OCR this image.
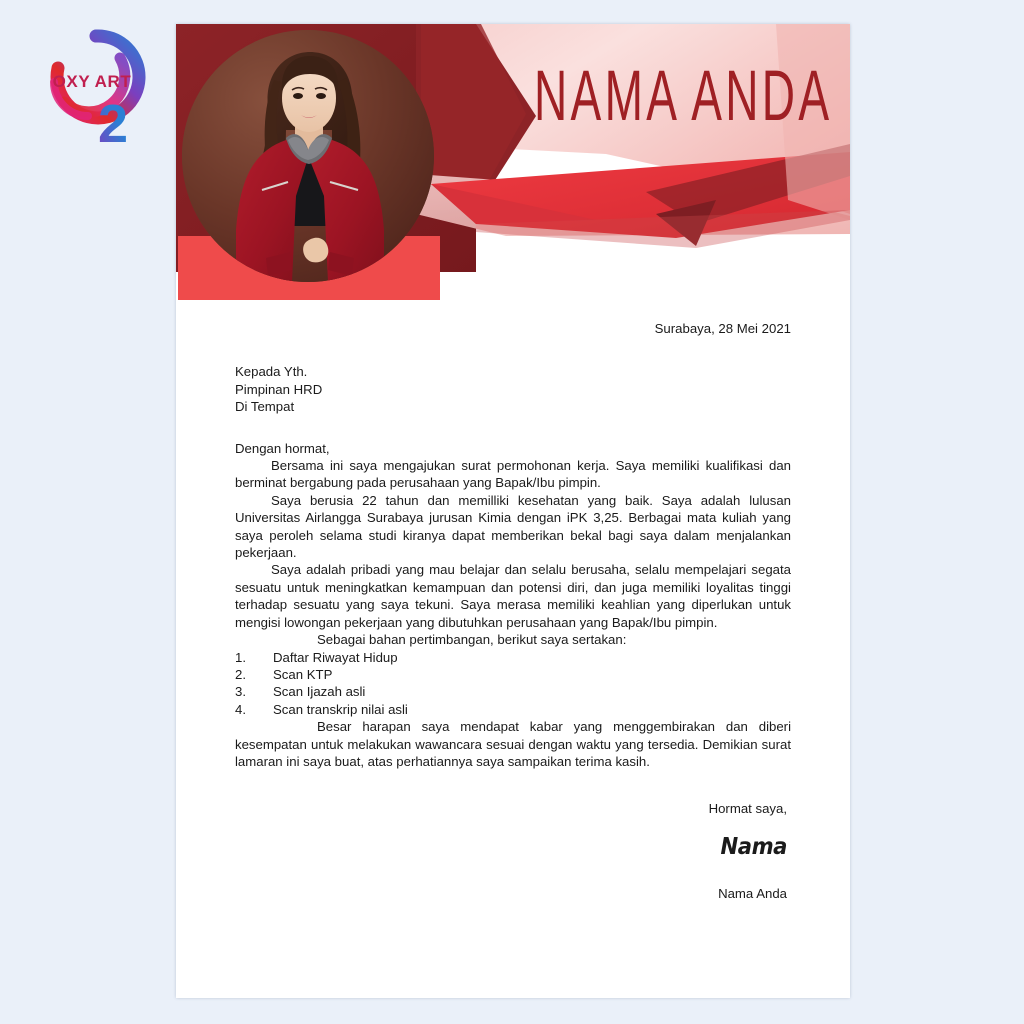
OXY ART
2	NAMA ANDA

Surabaya, 28 Mei 2021

Kepada Yth.

Pimpinan HRD

Di Tempat

Dengan hormat,

Bersama ini saya mengajukan surat permohonan kerja. Saya memiliki kualifikasi dan berminat bergabung pada perusahaan yang Bapak/Ibu pimpin.

Saya berusia 22 tahun dan memilliki kesehatan yang baik. Saya adalah lulusan Universitas Airlangga Surabaya jurusan Kimia dengan iPK 3,25. Berbagai mata kuliah yang saya peroleh selama studi kiranya dapat memberikan bekal bagi saya dalam menjalankan pekerjaan.

Saya adalah pribadi yang mau belajar dan selalu berusaha, selalu mempelajari segata sesuatu untuk meningkatkan kemampuan dan potensi diri, dan juga memiliki loyalitas tinggi terhadap sesuatu yang saya tekuni. Saya merasa memiliki keahlian yang diperlukan untuk mengisi lowongan pekerjaan yang dibutuhkan perusahaan yang Bapak/Ibu pimpin.

Sebagai bahan pertimbangan, berikut saya sertakan:

1.	Daftar Riwayat Hidup
2.	Scan KTP
3.	Scan Ijazah asli
4.	Scan transkrip nilai asli

Besar harapan saya mendapat kabar yang menggembirakan dan diberi kesempatan untuk melakukan wawancara sesuai dengan waktu yang tersedia. Demikian surat lamaran ini saya buat, atas perhatiannya saya sampaikan terima kasih.

Hormat saya,

Nama

Nama Anda
